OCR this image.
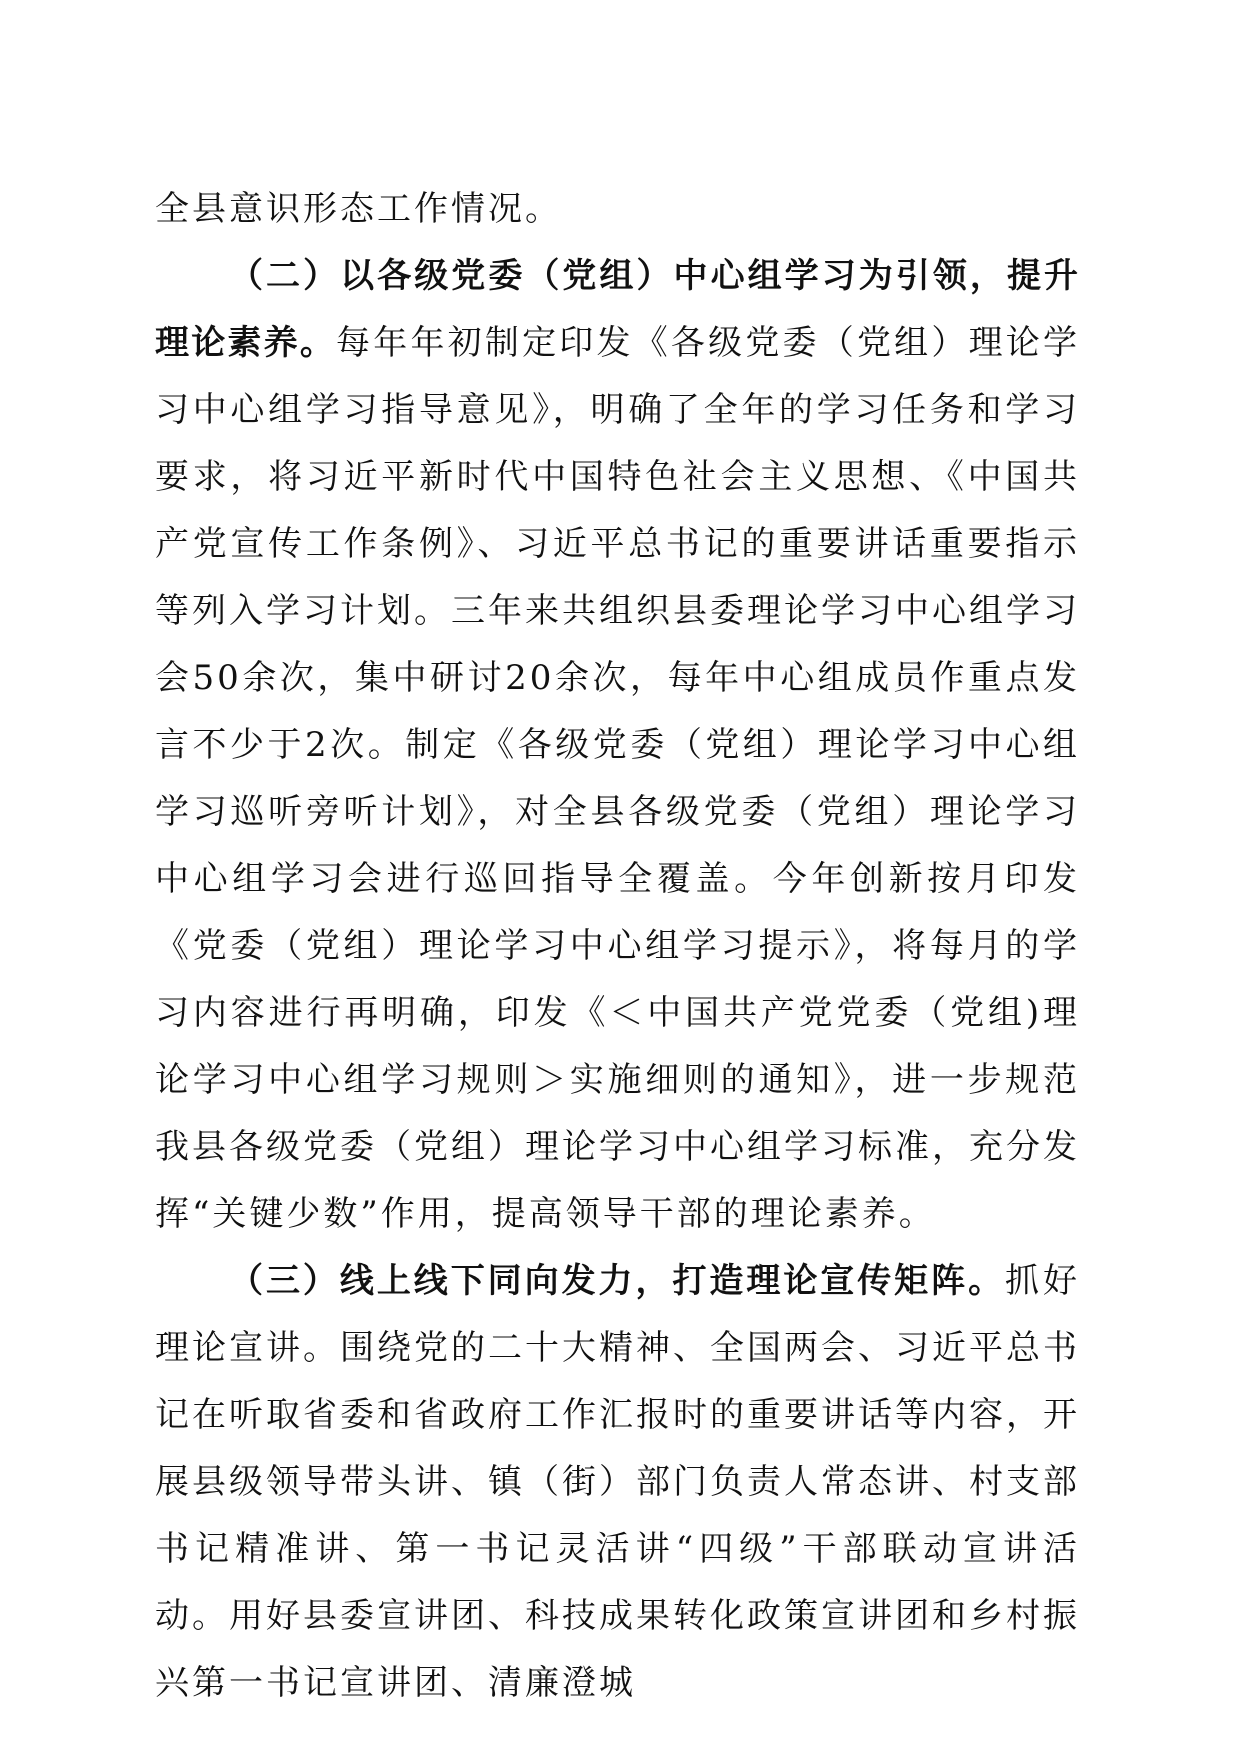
全县意识形态工作情况。

（二）以各级党委（党组）中心组学习为引领，提升理论素养。每年年初制定印发《各级党委（党组）理论学习中心组学习指导意见》，明确了全年的学习任务和学习要求，将习近平新时代中国特色社会主义思想、《中国共产党宣传工作条例》、习近平总书记的重要讲话重要指示等列入学习计划。三年来共组织县委理论学习中心组学习会50余次，集中研讨20余次，每年中心组成员作重点发言不少于2次。制定《各级党委（党组）理论学习中心组学习巡听旁听计划》，对全县各级党委（党组）理论学习中心组学习会进行巡回指导全覆盖。今年创新按月印发《党委（党组）理论学习中心组学习提示》，将每月的学习内容进行再明确，印发《＜中国共产党党委（党组)理论学习中心组学习规则＞实施细则的通知》，进一步规范我县各级党委（党组）理论学习中心组学习标准，充分发挥“关键少数”作用，提高领导干部的理论素养。

（三）线上线下同向发力，打造理论宣传矩阵。抓好理论宣讲。围绕党的二十大精神、全国两会、习近平总书记在听取省委和省政府工作汇报时的重要讲话等内容，开展县级领导带头讲、镇（街）部门负责人常态讲、村支部书记精准讲、第一书记灵活讲“四级”干部联动宣讲活动。用好县委宣讲团、科技成果转化政策宣讲团和乡村振兴第一书记宣讲团、清廉澄城
